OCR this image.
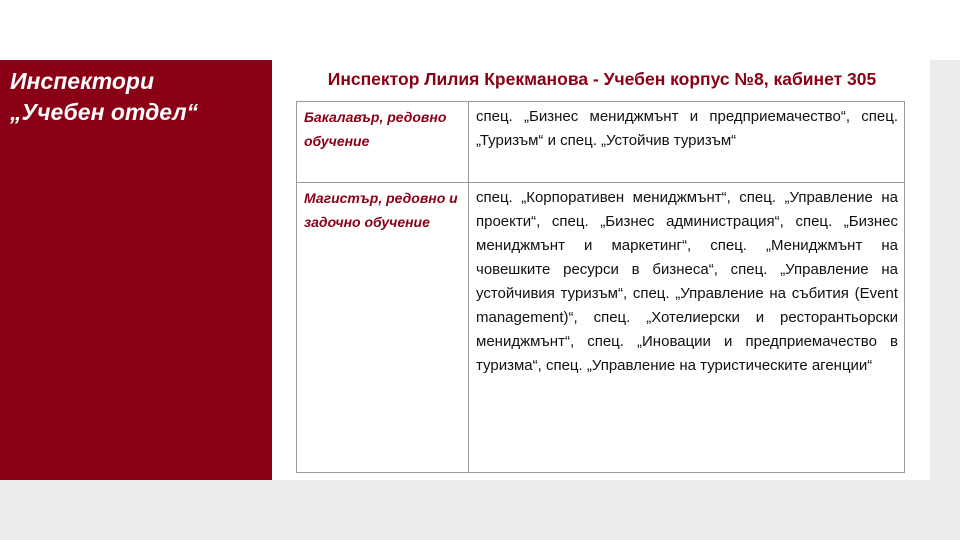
Инспектори
„Учебен отдел“
Инспектор Лилия Крекманова - Учебен корпус №8, кабинет 305
Бакалавър, редовно обучение	спец. „Бизнес мениджмънт и предприемачество“, спец. „Туризъм“ и спец. „Устойчив туризъм“
Магистър, редовно и задочно обучение	спец. „Корпоративен мениджмънт“, спец. „Управление на проекти“, спец. „Бизнес администрация“, спец. „Бизнес мениджмънт и маркетинг“, спец. „Мениджмънт на човешките ресурси в бизнеса“, спец. „Управление на устойчивия туризъм“, спец. „Управление на събития (Event management)“, спец. „Хотелиерски и ресторантьорски мениджмънт“, спец. „Иновации и предприемачество в туризма“, спец. „Управление на туристическите агенции“
